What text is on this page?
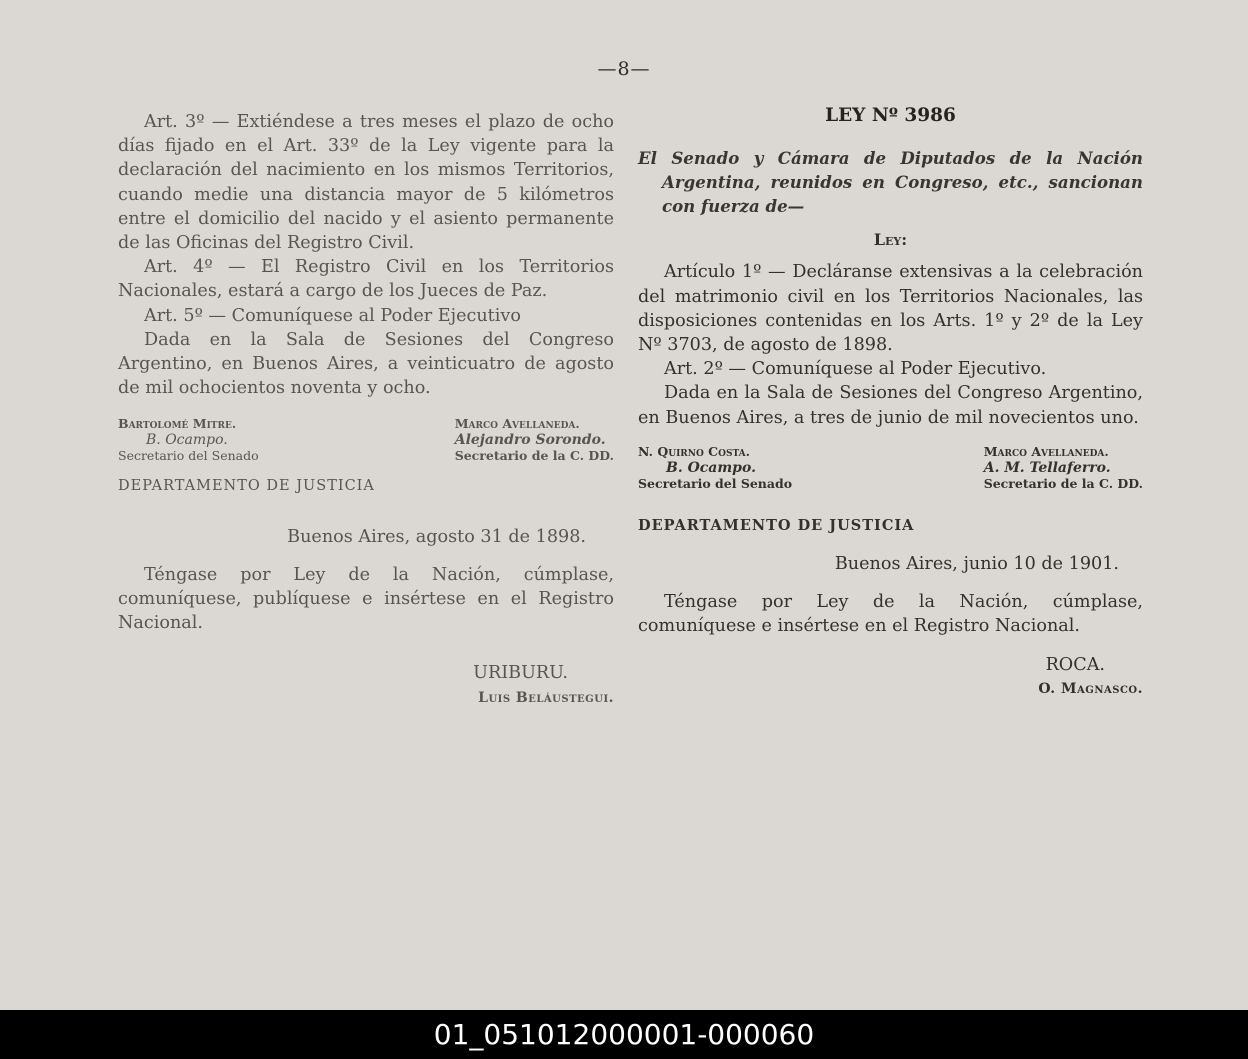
—8—

Art. 3º — Extiéndese a tres meses el plazo de ocho días fijado en el Art. 33º de la Ley vigente para la declaración del nacimiento en los mismos Territorios, cuando medie una distancia mayor de 5 kilómetros entre el domicilio del nacido y el asiento permanente de las Oficinas del Registro Civil.

Art. 4º — El Registro Civil en los Territorios Nacionales, estará a cargo de los Jueces de Paz.

Art. 5º — Comuníquese al Poder Ejecutivo

Dada en la Sala de Sesiones del Congreso Argentino, en Buenos Aires, a veinticuatro de agosto de mil ochocientos noventa y ocho.

Bartolomé Mitre.

B. Ocampo.

Secretario del Senado

Marco Avellaneda.

Alejandro Sorondo.

Secretario de la C. DD.

DEPARTAMENTO DE JUSTICIA

Buenos Aires, agosto 31 de 1898.

Téngase por Ley de la Nación, cúmplase, comuníquese, publíquese e insértese en el Registro Nacional.

URIBURU.

Luis Beláustegui.

LEY Nº 3986

El Senado y Cámara de Diputados de la Nación Argentina, reunidos en Congreso, etc., sancionan con fuerza de—

Ley:

Artículo 1º — Decláranse extensivas a la celebración del matrimonio civil en los Territorios Nacionales, las disposiciones contenidas en los Arts. 1º y 2º de la Ley Nº 3703, de agosto de 1898.

Art. 2º — Comuníquese al Poder Ejecutivo.

Dada en la Sala de Sesiones del Congreso Argentino, en Buenos Aires, a tres de junio de mil novecientos uno.

N. Quirno Costa.

B. Ocampo.

Secretario del Senado

Marco Avellaneda.

A. M. Tellaferro.

Secretario de la C. DD.

DEPARTAMENTO DE JUSTICIA

Buenos Aires, junio 10 de 1901.

Téngase por Ley de la Nación, cúmplase, comuníquese e insértese en el Registro Nacional.

ROCA.

O. Magnasco.

01_051012000001-000060
